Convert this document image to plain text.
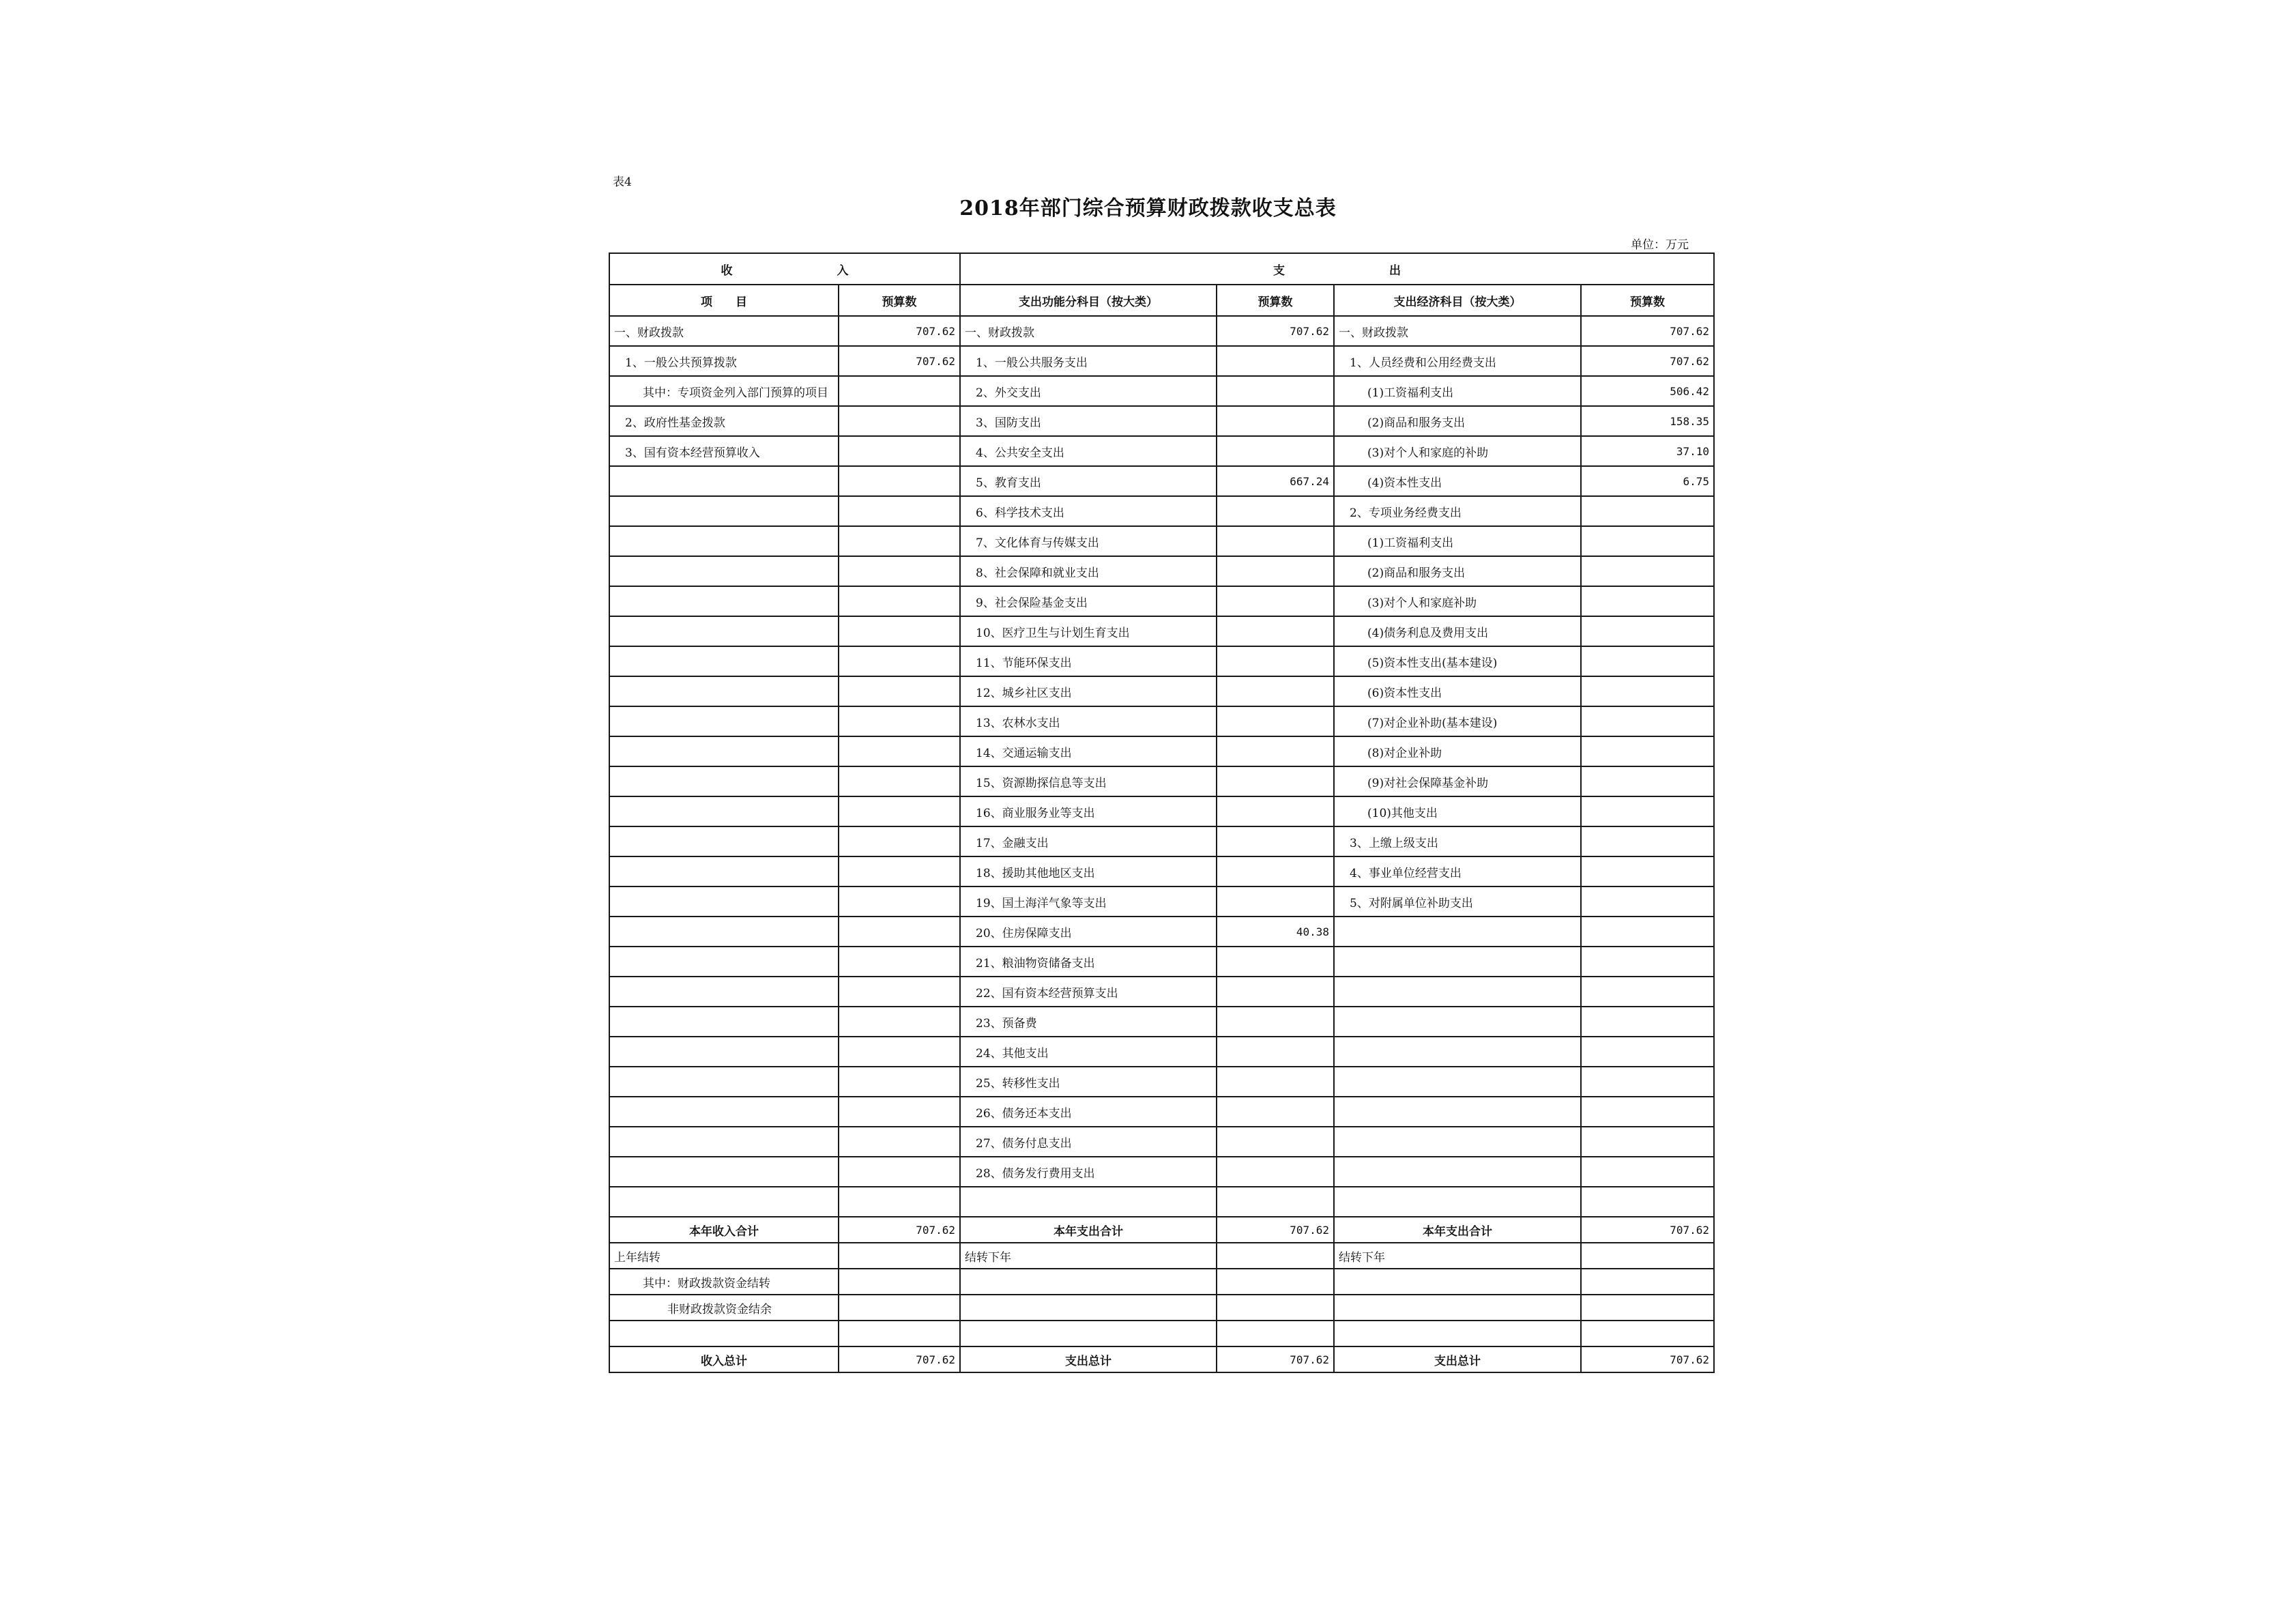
表4
2018年部门综合预算财政拨款收支总表
单位：万元
收　　　　　　　　　入		支　　　　　　　　　出			
项　　目	预算数	支出功能分科目（按大类）	预算数	支出经济科目（按大类）	预算数
一、财政拨款	707.62	一、财政拨款	707.62	一、财政拨款	707.62
1、一般公共预算拨款	707.62	1、一般公共服务支出		1、人员经费和公用经费支出	707.62
其中：专项资金列入部门预算的项目		2、外交支出		(1)工资福利支出	506.42
2、政府性基金拨款		3、国防支出		(2)商品和服务支出	158.35
3、国有资本经营预算收入		4、公共安全支出		(3)对个人和家庭的补助	37.10
		5、教育支出	667.24	(4)资本性支出	6.75
		6、科学技术支出		2、专项业务经费支出	
		7、文化体育与传媒支出		(1)工资福利支出	
		8、社会保障和就业支出		(2)商品和服务支出	
		9、社会保险基金支出		(3)对个人和家庭补助	
		10、医疗卫生与计划生育支出		(4)债务利息及费用支出	
		11、节能环保支出		(5)资本性支出(基本建设)	
		12、城乡社区支出		(6)资本性支出	
		13、农林水支出		(7)对企业补助(基本建设)	
		14、交通运输支出		(8)对企业补助	
		15、资源勘探信息等支出		(9)对社会保障基金补助	
		16、商业服务业等支出		(10)其他支出	
		17、金融支出		3、上缴上级支出	
		18、援助其他地区支出		4、事业单位经营支出	
		19、国土海洋气象等支出		5、对附属单位补助支出	
		20、住房保障支出	40.38		
		21、粮油物资储备支出			
		22、国有资本经营预算支出			
		23、预备费			
		24、其他支出			
		25、转移性支出			
		26、债务还本支出			
		27、债务付息支出			
		28、债务发行费用支出			

本年收入合计	707.62	本年支出合计	707.62	本年支出合计	707.62
上年结转		结转下年		结转下年	
其中：财政拨款资金结转					
非财政拨款资金结余					

收入总计	707.62	支出总计	707.62	支出总计	707.62
